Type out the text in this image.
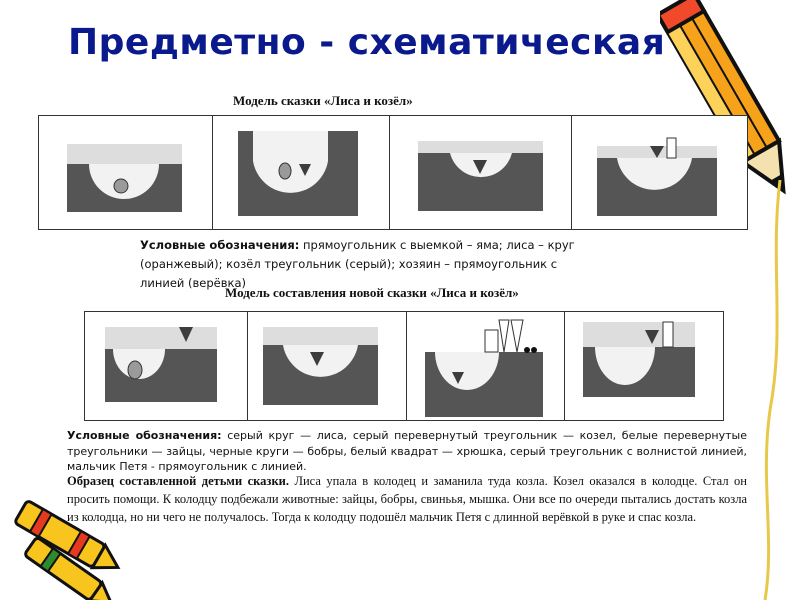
Предметно - схематическая
Модель сказки «Лиса и козёл»
Условные обозначения: прямоугольник с выемкой – яма; лиса – круг (оранжевый); козёл треугольник (серый); хозяин – прямоугольник с линией (верёвка)
Модель составления новой сказки «Лиса и козёл»
Условные обозначения: серый круг — лиса, серый перевернутый треугольник — козел, белые перевернутые треугольники — зайцы, черные круги — бобры, белый квадрат — хрюшка, серый треугольник с волнистой линией, мальчик Петя - прямоугольник с линией.
Образец составленной детьми сказки. Лиса упала в колодец и заманила туда козла. Козел оказался в колодце. Стал он просить помощи. К колодцу подбежали животные: зайцы, бобры, свиньья, мышка. Они все по очереди пытались достать козла из колодца, но ни чего не получалось. Тогда к колодцу подошёл мальчик Петя с длинной верёвкой в руке и спас козла.
